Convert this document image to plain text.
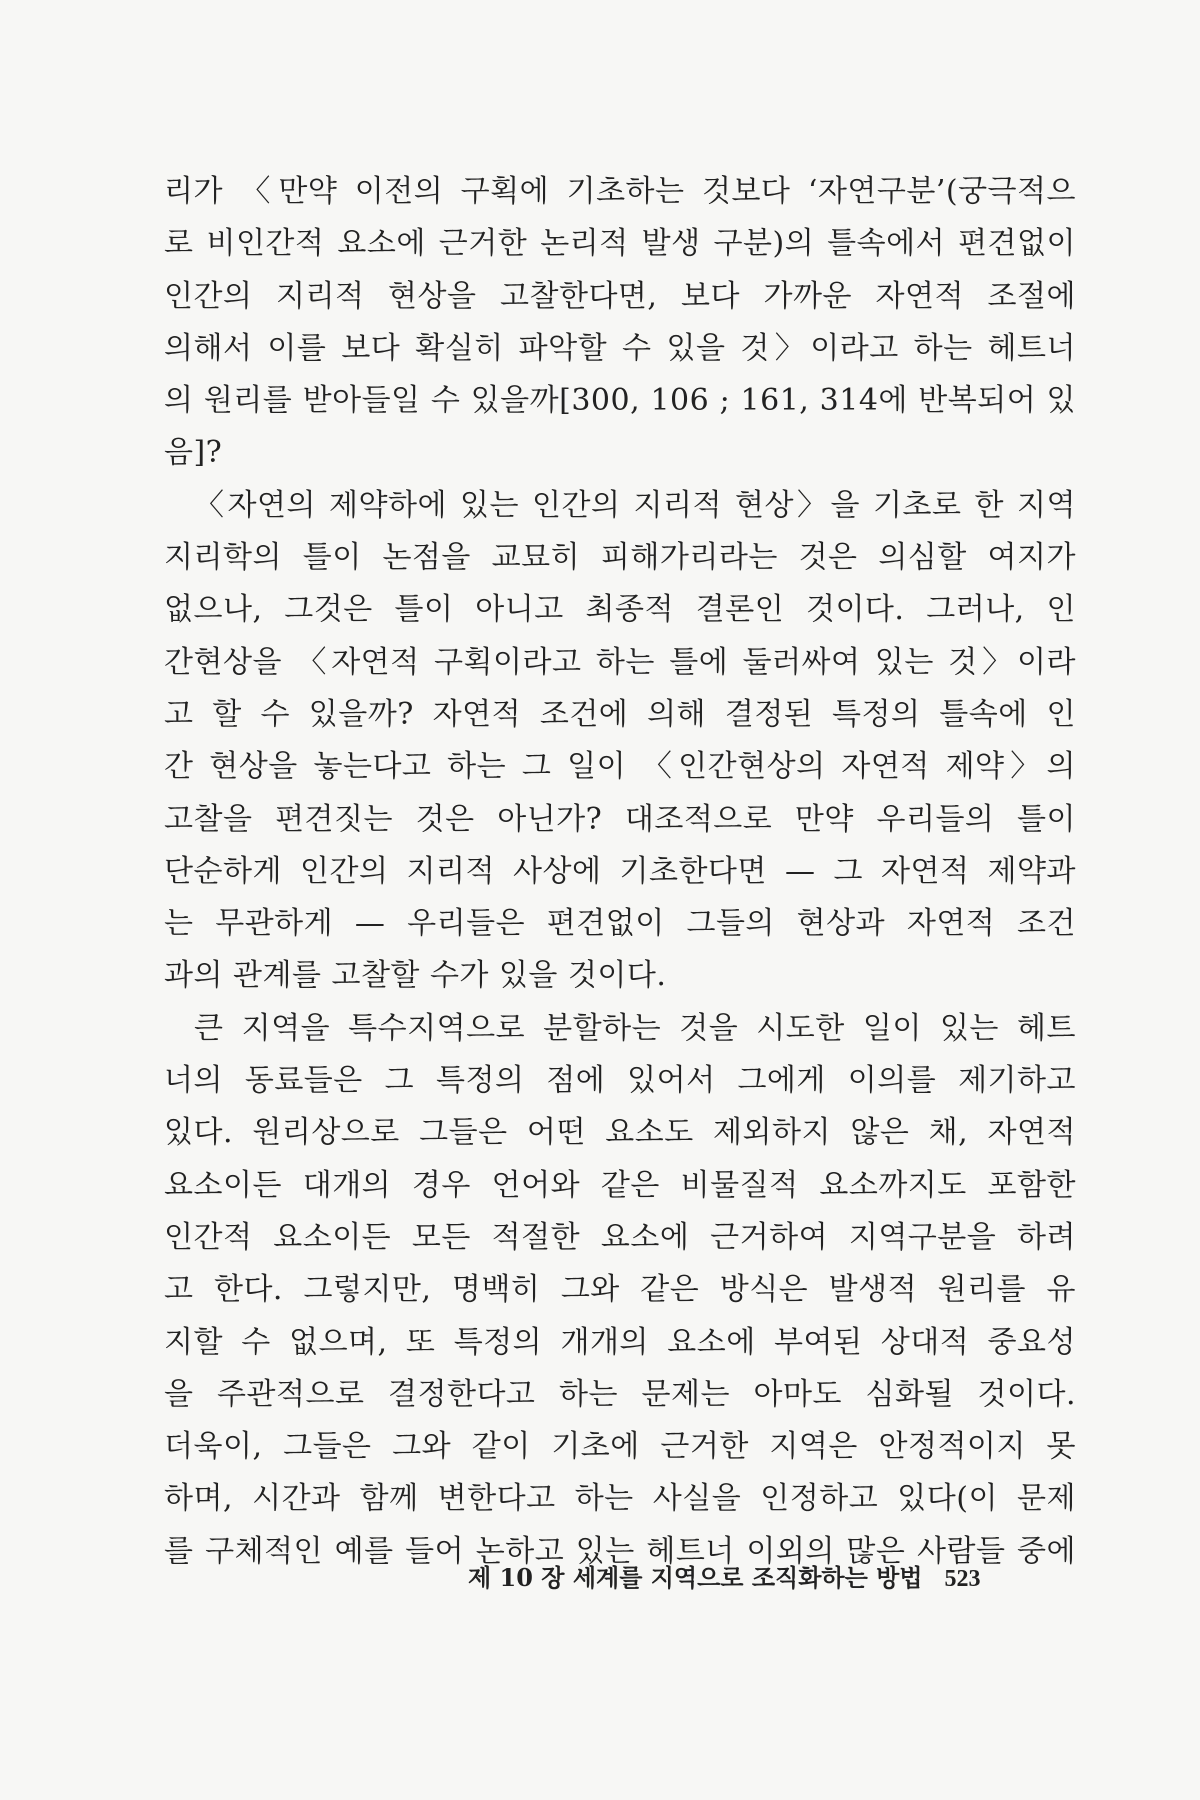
리가 〈만약 이전의 구획에 기초하는 것보다 ‘자연구분’(궁극적으
로 비인간적 요소에 근거한 논리적 발생 구분)의 틀속에서 편견없이
인간의 지리적 현상을 고찰한다면, 보다 가까운 자연적 조절에
의해서 이를 보다 확실히 파악할 수 있을 것〉이라고 하는 헤트너
의 원리를 받아들일 수 있을까[300, 106 ; 161, 314에 반복되어 있
음]?
〈자연의 제약하에 있는 인간의 지리적 현상〉을 기초로 한 지역
지리학의 틀이 논점을 교묘히 피해가리라는 것은 의심할 여지가
없으나, 그것은 틀이 아니고 최종적 결론인 것이다. 그러나, 인
간현상을 〈자연적 구획이라고 하는 틀에 둘러싸여 있는 것〉이라
고 할 수 있을까? 자연적 조건에 의해 결정된 특정의 틀속에 인
간 현상을 놓는다고 하는 그 일이 〈인간현상의 자연적 제약〉의
고찰을 편견짓는 것은 아닌가? 대조적으로 만약 우리들의 틀이
단순하게 인간의 지리적 사상에 기초한다면 — 그 자연적 제약과
는 무관하게 — 우리들은 편견없이 그들의 현상과 자연적 조건
과의 관계를 고찰할 수가 있을 것이다.
큰 지역을 특수지역으로 분할하는 것을 시도한 일이 있는 헤트
너의 동료들은 그 특정의 점에 있어서 그에게 이의를 제기하고
있다. 원리상으로 그들은 어떤 요소도 제외하지 않은 채, 자연적
요소이든 대개의 경우 언어와 같은 비물질적 요소까지도 포함한
인간적 요소이든 모든 적절한 요소에 근거하여 지역구분을 하려
고 한다. 그렇지만, 명백히 그와 같은 방식은 발생적 원리를 유
지할 수 없으며, 또 특정의 개개의 요소에 부여된 상대적 중요성
을 주관적으로 결정한다고 하는 문제는 아마도 심화될 것이다.
더욱이, 그들은 그와 같이 기초에 근거한 지역은 안정적이지 못
하며, 시간과 함께 변한다고 하는 사실을 인정하고 있다(이 문제
를 구체적인 예를 들어 논하고 있는 헤트너 이외의 많은 사람들 중에
제 10 장 세계를 지역으로 조직화하는 방법 523
